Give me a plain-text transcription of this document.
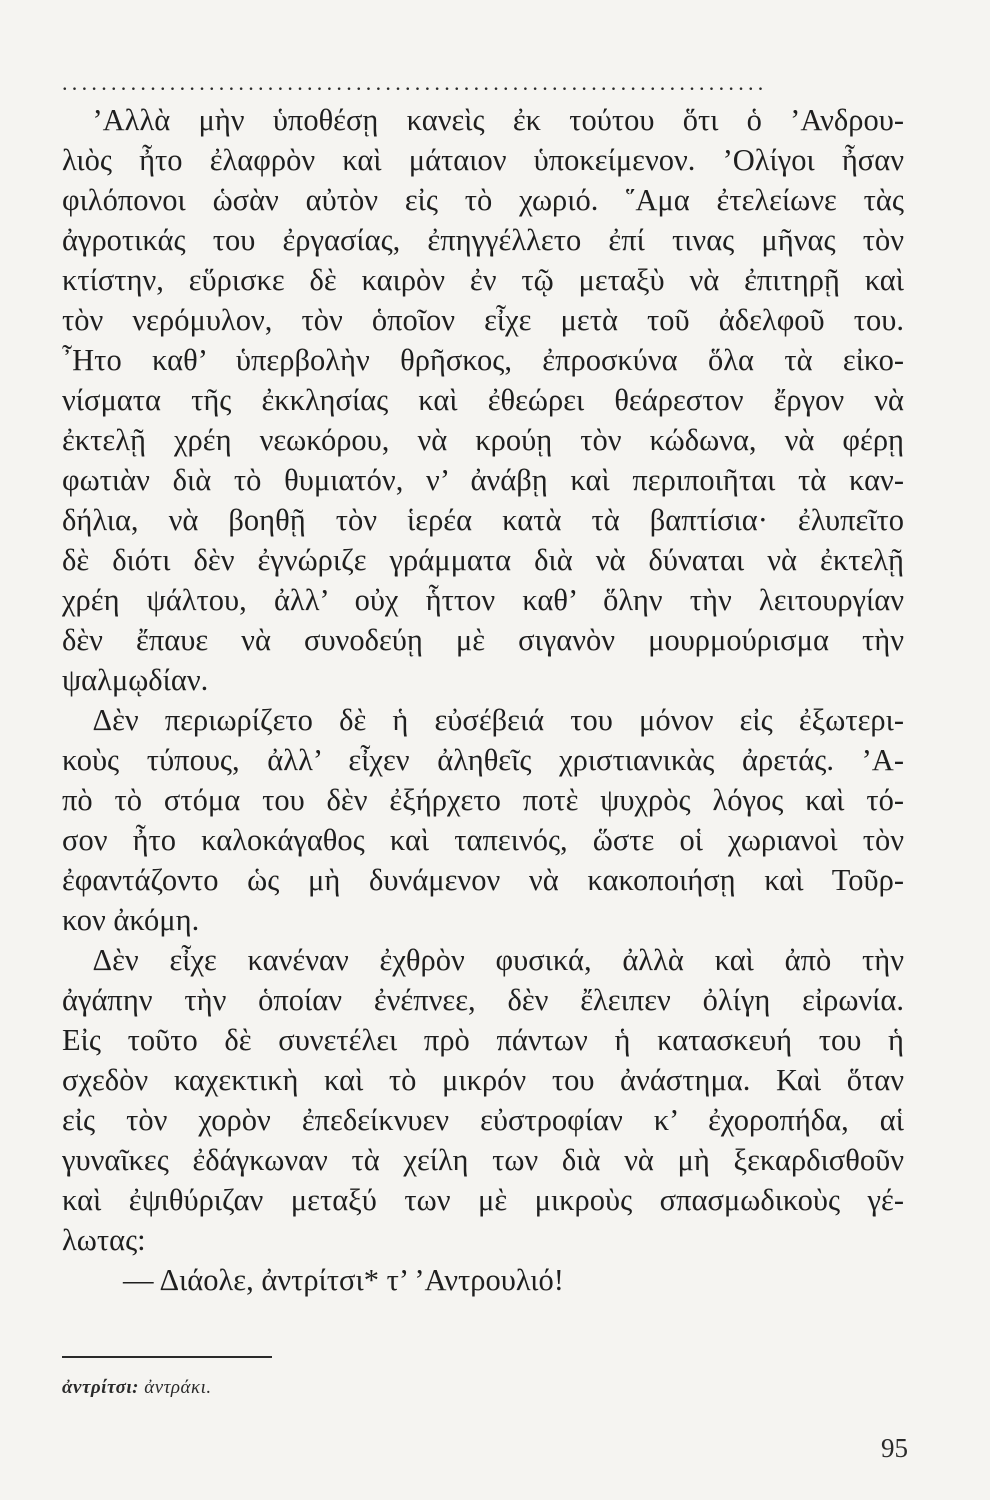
........................................................................
 ’Αλλὰ μὴν ὑποθέσῃ κανεὶς ἐκ τούτου ὅτι ὁ ’Ανδρου-
λιὸς ἦτο ἐλαφρὸν καὶ μάταιον ὑποκείμενον. ’Ολίγοι ἦσαν
φιλόπονοι ὡσὰν αὐτὸν εἰς τὸ χωριό. ῞Αμα ἐτελείωνε τὰς
ἀγροτικάς του ἐργασίας, ἐπηγγέλλετο ἐπί τινας μῆνας τὸν
κτίστην, εὕρισκε δὲ καιρὸν ἐν τῷ μεταξὺ νὰ ἐπιτηρῇ καὶ
τὸν νερόμυλον, τὸν ὁποῖον εἶχε μετὰ τοῦ ἀδελφοῦ του.
῏Ητο καθ’ ὑπερβολὴν θρῆσκος, ἐπροσκύνα ὅλα τὰ εἰκο-
νίσματα τῆς ἐκκλησίας καὶ ἐθεώρει θεάρεστον ἔργον νὰ
ἐκτελῇ χρέη νεωκόρου, νὰ κρούῃ τὸν κώδωνα, νὰ φέρῃ
φωτιὰν διὰ τὸ θυμιατόν, ν’ ἀνάβῃ καὶ περιποιῆται τὰ καν-
δήλια, νὰ βοηθῇ τὸν ἱερέα κατὰ τὰ βαπτίσια· ἐλυπεῖτο
δὲ διότι δὲν ἐγνώριζε γράμματα διὰ νὰ δύναται νὰ ἐκτελῇ
χρέη ψάλτου, ἀλλ’ οὐχ ἧττον καθ’ ὅλην τὴν λειτουργίαν
δὲν ἔπαυε νὰ συνοδεύῃ μὲ σιγανὸν μουρμούρισμα τὴν
ψαλμῳδίαν.
 Δὲν περιωρίζετο δὲ ἡ εὐσέβειά του μόνον εἰς ἐξωτερι-
κοὺς τύπους, ἀλλ’ εἶχεν ἀληθεῖς χριστιανικὰς ἀρετάς. ’Α-
πὸ τὸ στόμα του δὲν ἐξήρχετο ποτὲ ψυχρὸς λόγος καὶ τό-
σον ἦτο καλοκάγαθος καὶ ταπεινός, ὥστε οἱ χωριανοὶ τὸν
ἐφαντάζοντο ὡς μὴ δυνάμενον νὰ κακοποιήσῃ καὶ Τοῦρ-
κον ἀκόμη.
 Δὲν εἶχε κανέναν ἐχθρὸν φυσικά, ἀλλὰ καὶ ἀπὸ τὴν
ἀγάπην τὴν ὁποίαν ἐνέπνεε, δὲν ἔλειπεν ὀλίγη εἰρωνία.
Εἰς τοῦτο δὲ συνετέλει πρὸ πάντων ἡ κατασκευή του ἡ
σχεδὸν καχεκτικὴ καὶ τὸ μικρόν του ἀνάστημα. Καὶ ὅταν
εἰς τὸν χορὸν ἐπεδείκνυεν εὐστροφίαν κ’ ἐχοροπήδα, αἱ
γυναῖκες ἐδάγκωναν τὰ χείλη των διὰ νὰ μὴ ξεκαρδισθοῦν
καὶ ἐψιθύριζαν μεταξύ των μὲ μικροὺς σπασμωδικοὺς γέ-
λωτας:
  — Διάολε, ἀντρίτσι* τ’ ’Αντρουλιό!
ἀντρίτσι: ἀντράκι.
95
